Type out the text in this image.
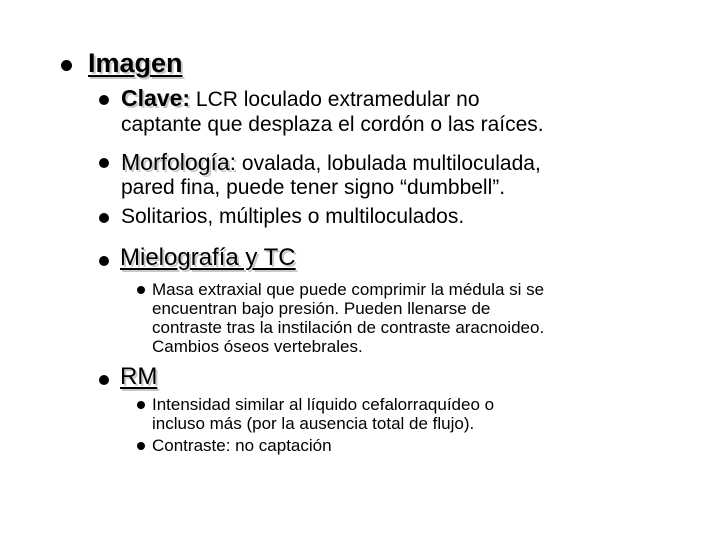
Imagen
Clave: LCR loculado extramedular no
captante que desplaza el cordón o las raíces.
Morfología: ovalada, lobulada multiloculada,
pared fina, puede tener signo “dumbbell”.
Solitarios, múltiples o multiloculados.
Mielografía y TC
Masa extraxial que puede comprimir la médula si se
encuentran bajo presión. Pueden llenarse de
contraste tras la instilación de contraste aracnoideo.
Cambios óseos vertebrales.
RM
Intensidad similar al líquido cefalorraquídeo o
incluso más (por la ausencia total de flujo).
Contraste: no captación
